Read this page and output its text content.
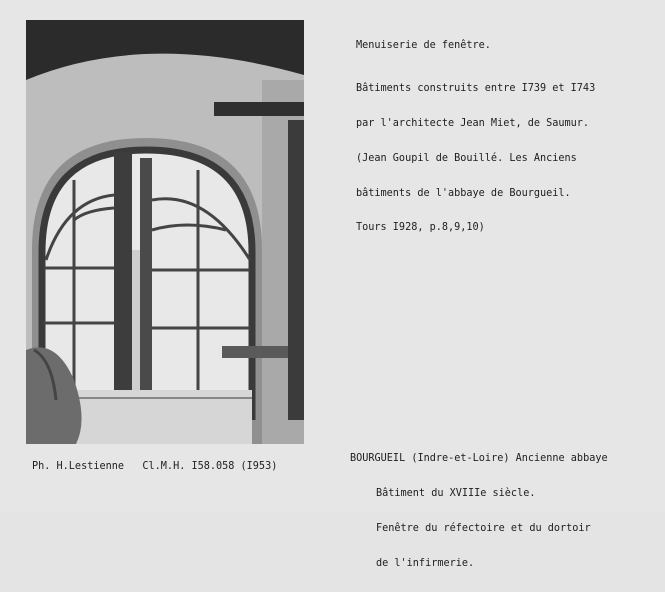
Menuiserie de fenêtre.

Bâtiments construits entre I739 et I743

par l'architecte Jean Miet, de Saumur.

(Jean Goupil de Bouillé. Les Anciens

bâtiments de l'abbaye de Bourgueil.

Tours I928, p.8,9,10)

BOURGUEIL (Indre-et-Loire) Ancienne abbaye

Bâtiment du XVIIIe siècle.

Fenêtre du réfectoire et du dortoir

de l'infirmerie.

Ph. H.Lestienne   Cl.M.H. I58.058 (I953)
